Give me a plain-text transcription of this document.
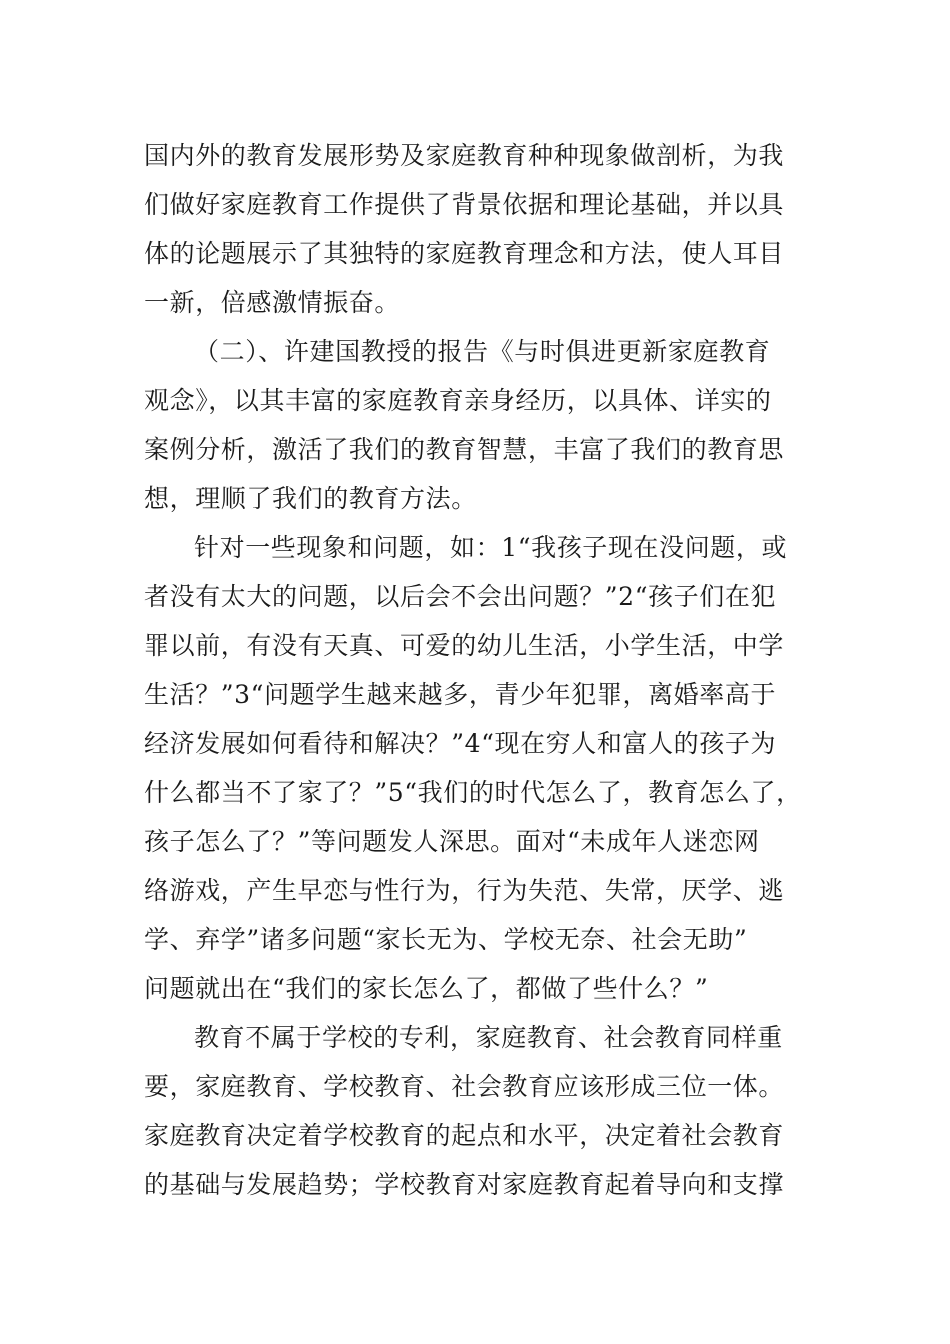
国内外的教育发展形势及家庭教育种种现象做剖析，为我
们做好家庭教育工作提供了背景依据和理论基础，并以具
体的论题展示了其独特的家庭教育理念和方法，使人耳目
一新，倍感激情振奋。
（二）、许建国教授的报告《与时俱进更新家庭教育
观念》，以其丰富的家庭教育亲身经历，以具体、详实的
案例分析，激活了我们的教育智慧，丰富了我们的教育思
想，理顺了我们的教育方法。
针对一些现象和问题，如：1“我孩子现在没问题，或
者没有太大的问题，以后会不会出问题？”2“孩子们在犯
罪以前，有没有天真、可爱的幼儿生活，小学生活，中学
生活？”3“问题学生越来越多，青少年犯罪，离婚率高于
经济发展如何看待和解决？”4“现在穷人和富人的孩子为
什么都当不了家了？”5“我们的时代怎么了，教育怎么了，
孩子怎么了？”等问题发人深思。面对“未成年人迷恋网
络游戏，产生早恋与性行为，行为失范、失常，厌学、逃
学、弃学”诸多问题“家长无为、学校无奈、社会无助”
问题就出在“我们的家长怎么了，都做了些什么？”
教育不属于学校的专利，家庭教育、社会教育同样重
要，家庭教育、学校教育、社会教育应该形成三位一体。
家庭教育决定着学校教育的起点和水平，决定着社会教育
的基础与发展趋势；学校教育对家庭教育起着导向和支撑
